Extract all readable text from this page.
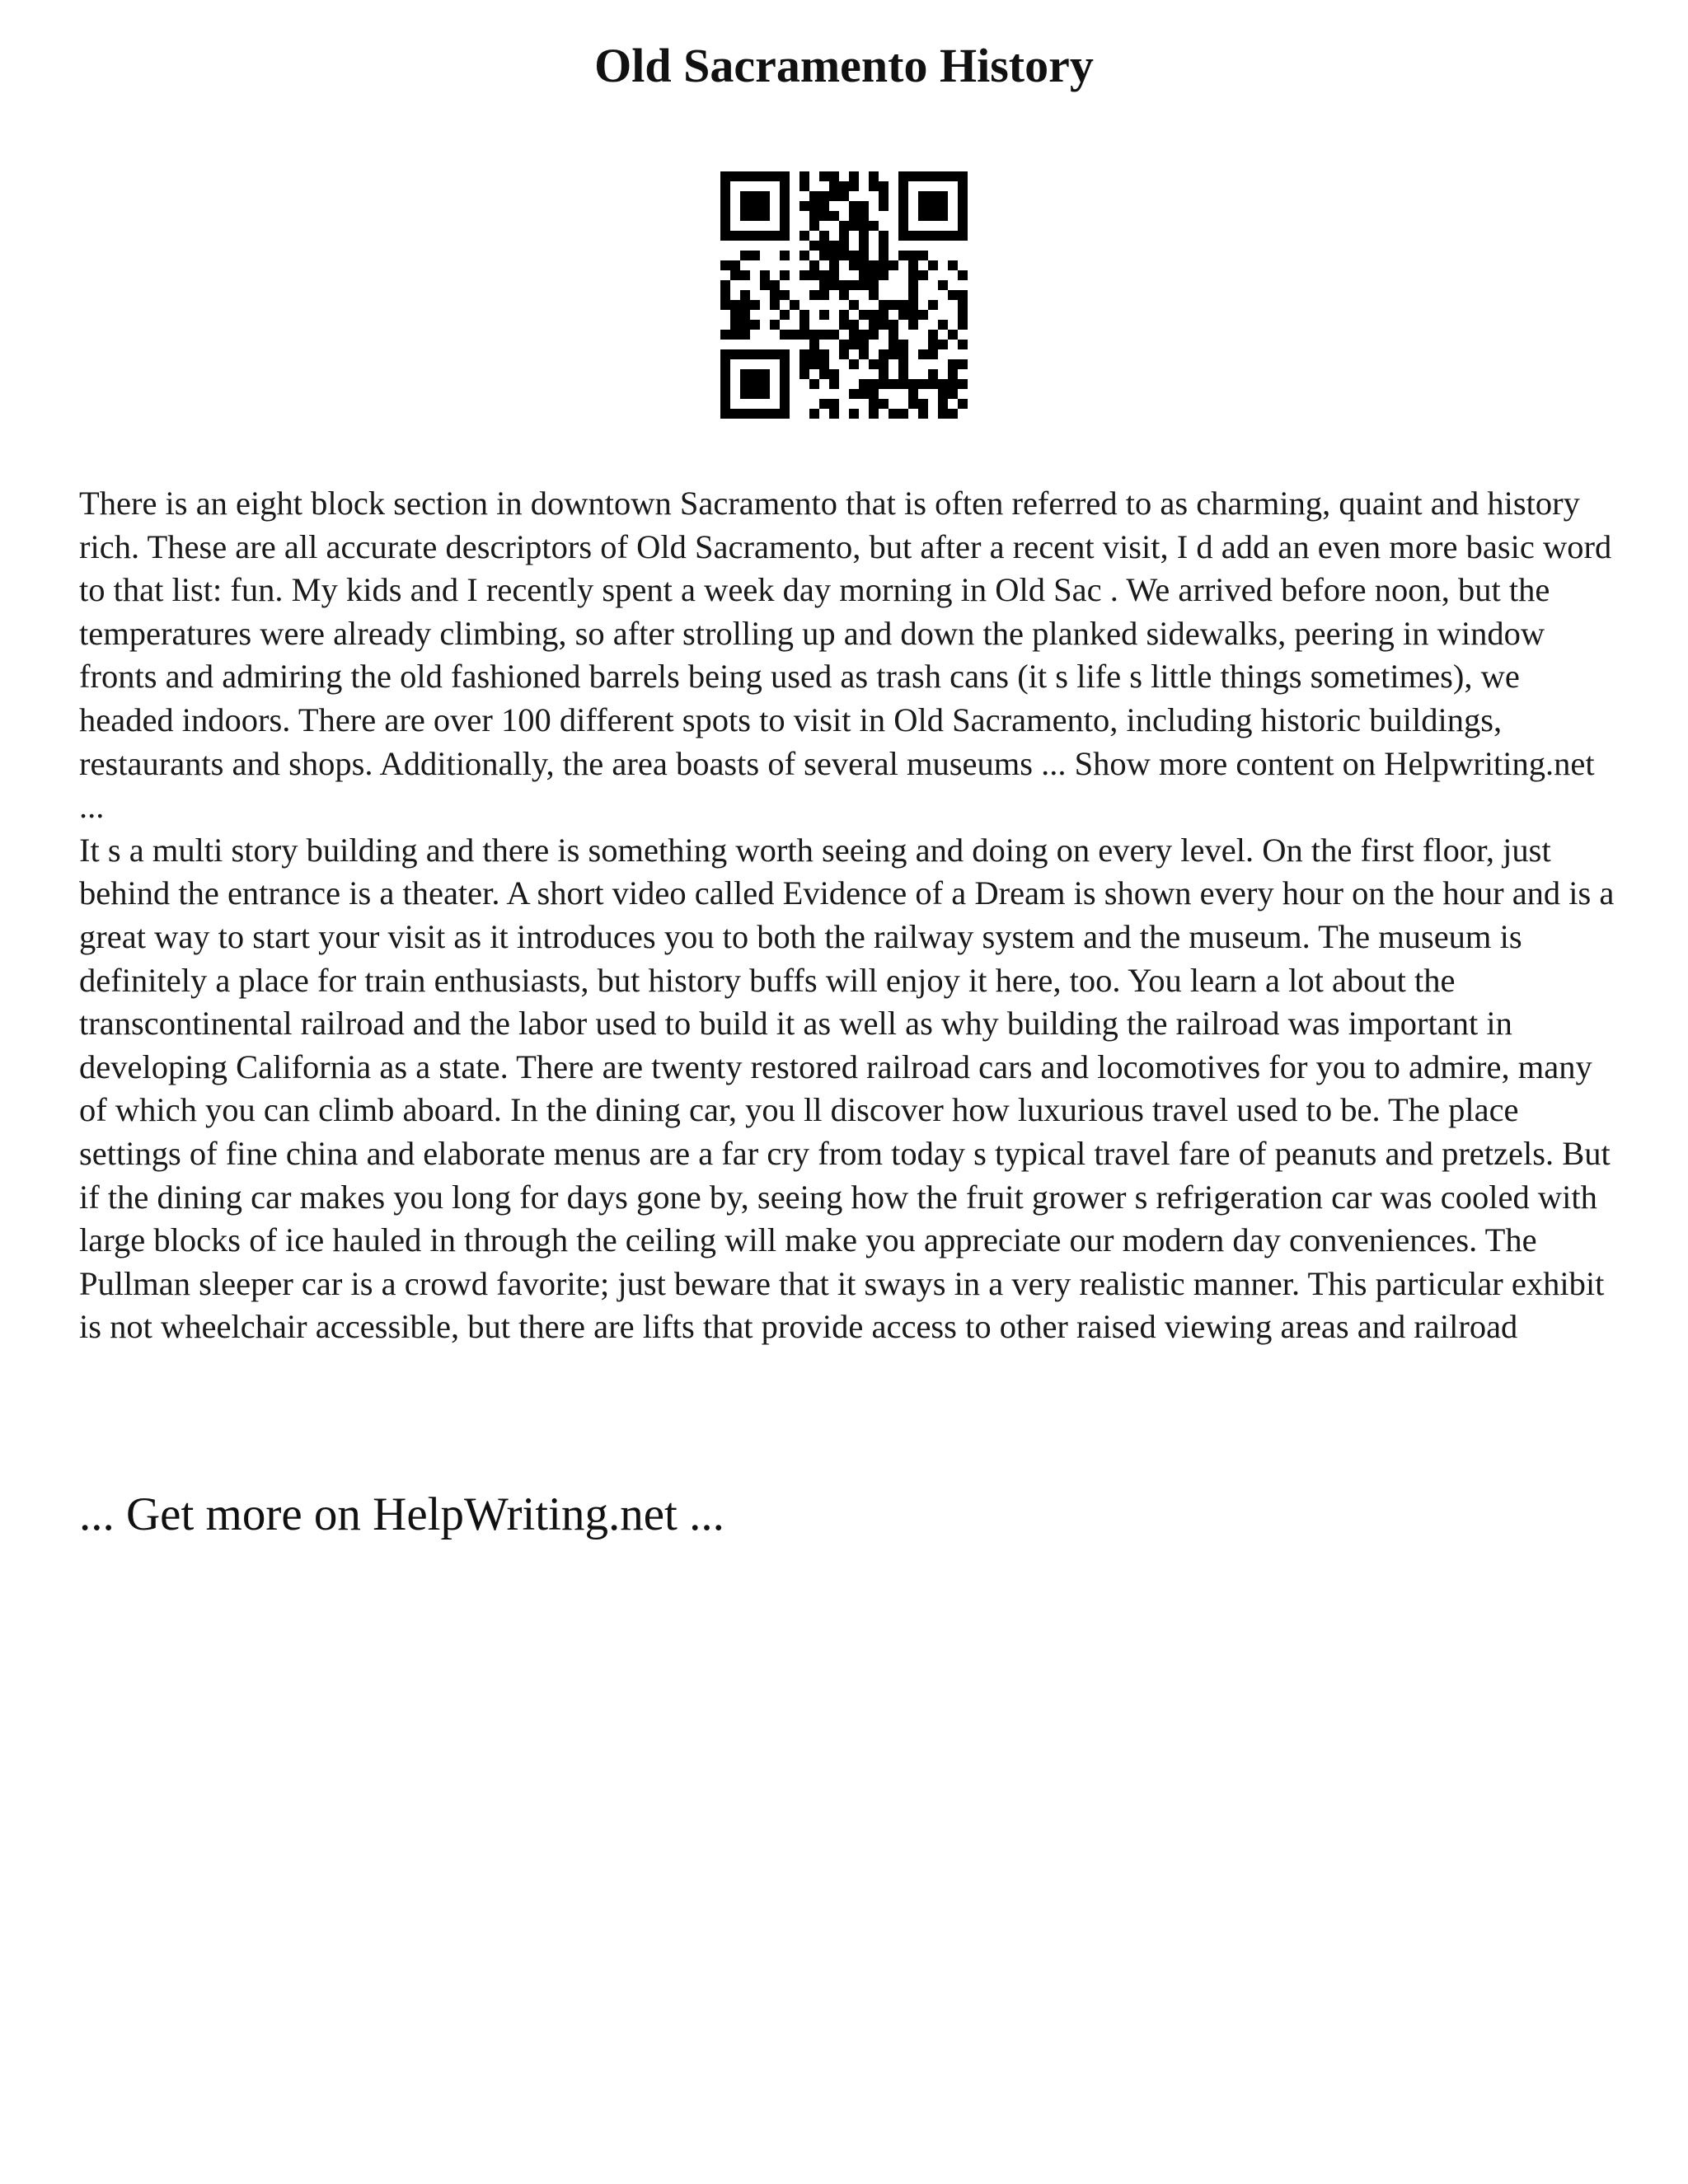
Old Sacramento History

There is an eight block section in downtown Sacramento that is often referred to as charming, quaint and history rich. These are all accurate descriptors of Old Sacramento, but after a recent visit, I d add an even more basic word to that list: fun. My kids and I recently spent a week day morning in Old Sac . We arrived before noon, but the temperatures were already climbing, so after strolling up and down the planked sidewalks, peering in window fronts and admiring the old fashioned barrels being used as trash cans (it s life s little things sometimes), we headed indoors. There are over 100 different spots to visit in Old Sacramento, including historic buildings, restaurants and shops. Additionally, the area boasts of several museums ... Show more content on Helpwriting.net ...

It s a multi story building and there is something worth seeing and doing on every level. On the first floor, just behind the entrance is a theater. A short video called Evidence of a Dream is shown every hour on the hour and is a great way to start your visit as it introduces you to both the railway system and the museum. The museum is definitely a place for train enthusiasts, but history buffs will enjoy it here, too. You learn a lot about the transcontinental railroad and the labor used to build it as well as why building the railroad was important in developing California as a state. There are twenty restored railroad cars and locomotives for you to admire, many of which you can climb aboard. In the dining car, you ll discover how luxurious travel used to be. The place settings of fine china and elaborate menus are a far cry from today s typical travel fare of peanuts and pretzels. But if the dining car makes you long for days gone by, seeing how the fruit grower s refrigeration car was cooled with large blocks of ice hauled in through the ceiling will make you appreciate our modern day conveniences. The Pullman sleeper car is a crowd favorite; just beware that it sways in a very realistic manner. This particular exhibit is not wheelchair accessible, but there are lifts that provide access to other raised viewing areas and railroad

... Get more on HelpWriting.net ...
